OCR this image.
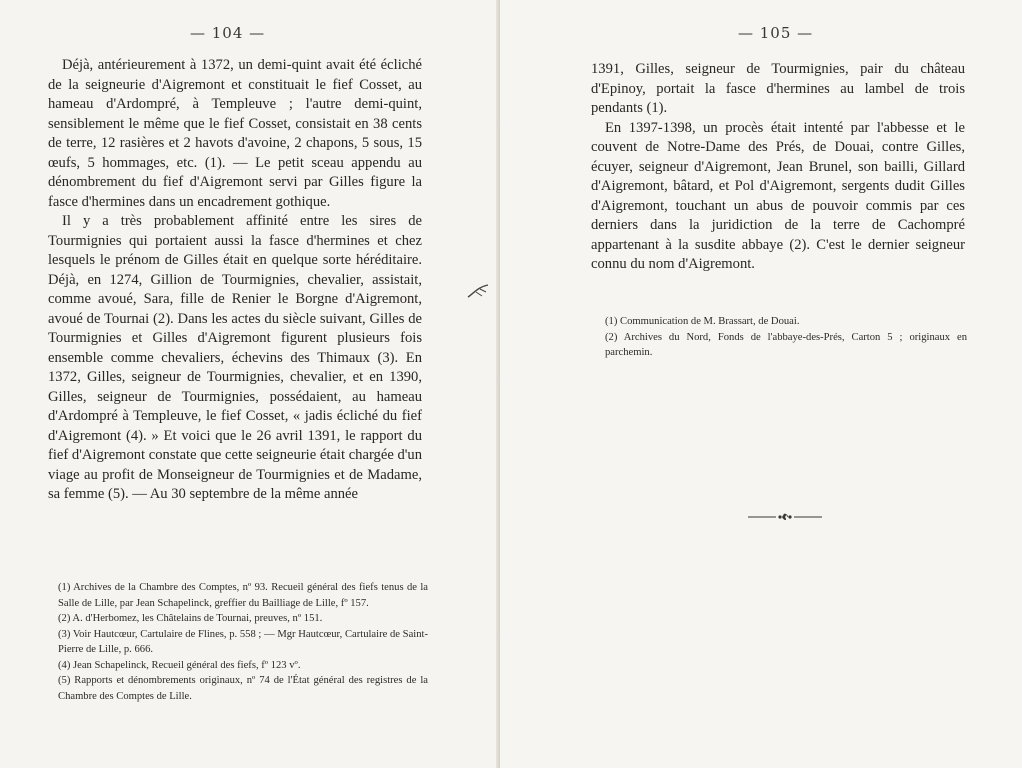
— 104 —

Déjà, antérieurement à 1372, un demi-quint avait été écliché de la seigneurie d'Aigremont et constituait le fief Cosset, au hameau d'Ardompré, à Templeuve ; l'autre demi-quint, sensiblement le même que le fief Cosset, consistait en 38 cents de terre, 12 rasières et 2 havots d'avoine, 2 chapons, 5 sous, 15 œufs, 5 hommages, etc. (1). — Le petit sceau appendu au dénombrement du fief d'Aigremont servi par Gilles figure la fasce d'hermines dans un encadrement gothique.

Il y a très probablement affinité entre les sires de Tourmignies qui portaient aussi la fasce d'hermines et chez lesquels le prénom de Gilles était en quelque sorte héréditaire. Déjà, en 1274, Gillion de Tourmignies, chevalier, assistait, comme avoué, Sara, fille de Renier le Borgne d'Aigremont, avoué de Tournai (2). Dans les actes du siècle suivant, Gilles de Tourmignies et Gilles d'Aigremont figurent plusieurs fois ensemble comme chevaliers, échevins des Thimaux (3). En 1372, Gilles, seigneur de Tourmignies, chevalier, et en 1390, Gilles, seigneur de Tourmignies, possédaient, au hameau d'Ardompré à Templeuve, le fief Cosset, « jadis écliché du fief d'Aigremont (4). » Et voici que le 26 avril 1391, le rapport du fief d'Aigremont constate que cette seigneurie était chargée d'un viage au profit de Monseigneur de Tourmignies et de Madame, sa femme (5). — Au 30 septembre de la même année

(1) Archives de la Chambre des Comptes, nº 93. Recueil général des fiefs tenus de la Salle de Lille, par Jean Schapelinck, greffier du Bailliage de Lille, fº 157.

(2) A. d'Herbomez, les Châtelains de Tournai, preuves, nº 151.

(3) Voir Hautcœur, Cartulaire de Flines, p. 558 ; — Mgr Hautcœur, Cartulaire de Saint-Pierre de Lille, p. 666.

(4) Jean Schapelinck, Recueil général des fiefs, fº 123 vº.

(5) Rapports et dénombrements originaux, nº 74 de l'État général des registres de la Chambre des Comptes de Lille.

— 105 —

1391, Gilles, seigneur de Tourmignies, pair du château d'Epinoy, portait la fasce d'hermines au lambel de trois pendants (1).

En 1397-1398, un procès était intenté par l'abbesse et le couvent de Notre-Dame des Prés, de Douai, contre Gilles, écuyer, seigneur d'Aigremont, Jean Brunel, son bailli, Gillard d'Aigremont, bâtard, et Pol d'Aigremont, sergents dudit Gilles d'Aigremont, touchant un abus de pouvoir commis par ces derniers dans la juridiction de la terre de Cachompré appartenant à la susdite abbaye (2). C'est le dernier seigneur connu du nom d'Aigremont.

(1) Communication de M. Brassart, de Douai.

(2) Archives du Nord, Fonds de l'abbaye-des-Prés, Carton 5 ; originaux en parchemin.
